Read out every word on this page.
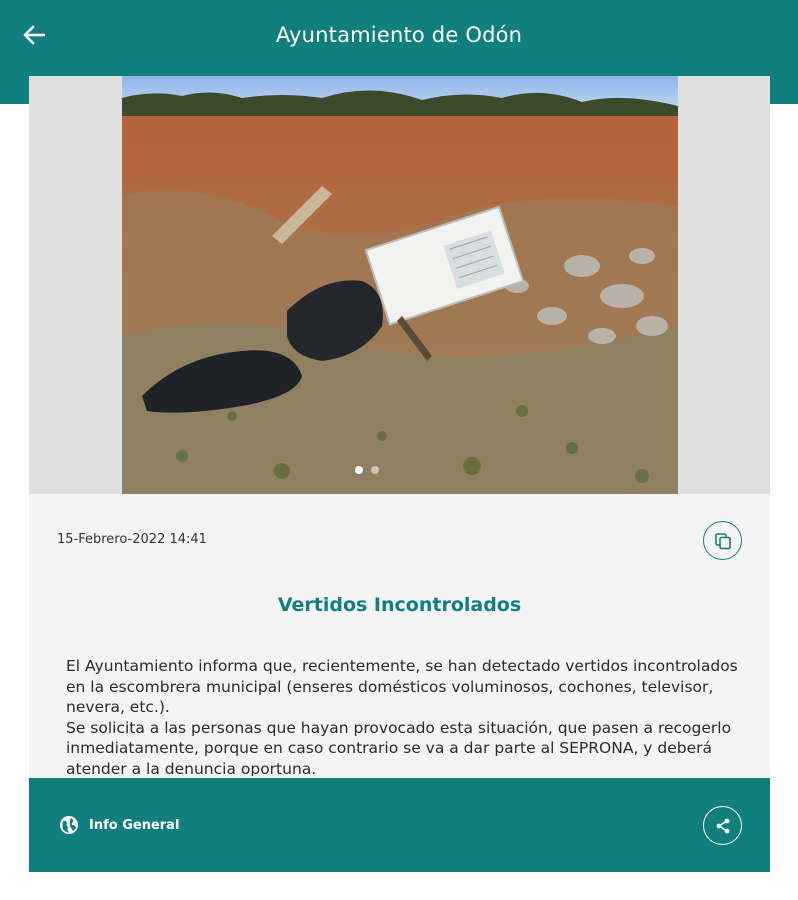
Ayuntamiento de Odón
15-Febrero-2022 14:41
Vertidos Incontrolados

El Ayuntamiento informa que, recientemente, se han detectado vertidos incontrolados en la escombrera municipal (enseres domésticos voluminosos, cochones, televisor, nevera, etc.).

Se solicita a las personas que hayan provocado esta situación, que pasen a recogerlo inmediatamente, porque en caso contrario se va a dar parte al SEPRONA, y deberá atender a la denuncia oportuna.

Info General
